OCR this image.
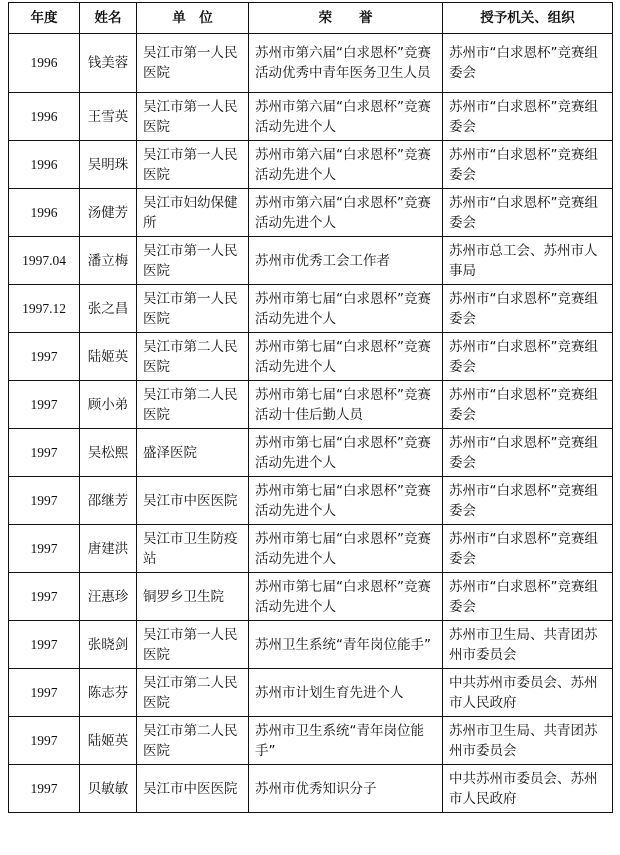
年度	姓名	单　位	荣　　誉	授予机关、组织
1996	钱美蓉	吴江市第一人民医院	苏州市第六届“白求恩杯”竞赛活动优秀中青年医务卫生人员	苏州市“白求恩杯”竞赛组委会
1996	王雪英	吴江市第一人民医院	苏州市第六届“白求恩杯”竞赛活动先进个人	苏州市“白求恩杯”竞赛组委会
1996	吴明珠	吴江市第一人民医院	苏州市第六届“白求恩杯”竞赛活动先进个人	苏州市“白求恩杯”竞赛组委会
1996	汤健芳	吴江市妇幼保健所	苏州市第六届“白求恩杯”竞赛活动先进个人	苏州市“白求恩杯”竞赛组委会
1997.04	潘立梅	吴江市第一人民医院	苏州市优秀工会工作者	苏州市总工会、苏州市人事局
1997.12	张之昌	吴江市第一人民医院	苏州市第七届“白求恩杯”竞赛活动先进个人	苏州市“白求恩杯”竞赛组委会
1997	陆姬英	吴江市第二人民医院	苏州市第七届“白求恩杯”竞赛活动先进个人	苏州市“白求恩杯”竞赛组委会
1997	顾小弟	吴江市第二人民医院	苏州市第七届“白求恩杯”竞赛活动十佳后勤人员	苏州市“白求恩杯”竞赛组委会
1997	吴松熙	盛泽医院	苏州市第七届“白求恩杯”竞赛活动先进个人	苏州市“白求恩杯”竞赛组委会
1997	邵继芳	吴江市中医医院	苏州市第七届“白求恩杯”竞赛活动先进个人	苏州市“白求恩杯”竞赛组委会
1997	唐建洪	吴江市卫生防疫站	苏州市第七届“白求恩杯”竞赛活动先进个人	苏州市“白求恩杯”竞赛组委会
1997	汪惠珍	铜罗乡卫生院	苏州市第七届“白求恩杯”竞赛活动先进个人	苏州市“白求恩杯”竞赛组委会
1997	张晓剑	吴江市第一人民医院	苏州卫生系统“青年岗位能手”	苏州市卫生局、共青团苏州市委员会
1997	陈志芬	吴江市第二人民医院	苏州市计划生育先进个人	中共苏州市委员会、苏州市人民政府
1997	陆姬英	吴江市第二人民医院	苏州市卫生系统“青年岗位能手”	苏州市卫生局、共青团苏州市委员会
1997	贝敏敏	吴江市中医医院	苏州市优秀知识分子	中共苏州市委员会、苏州市人民政府
